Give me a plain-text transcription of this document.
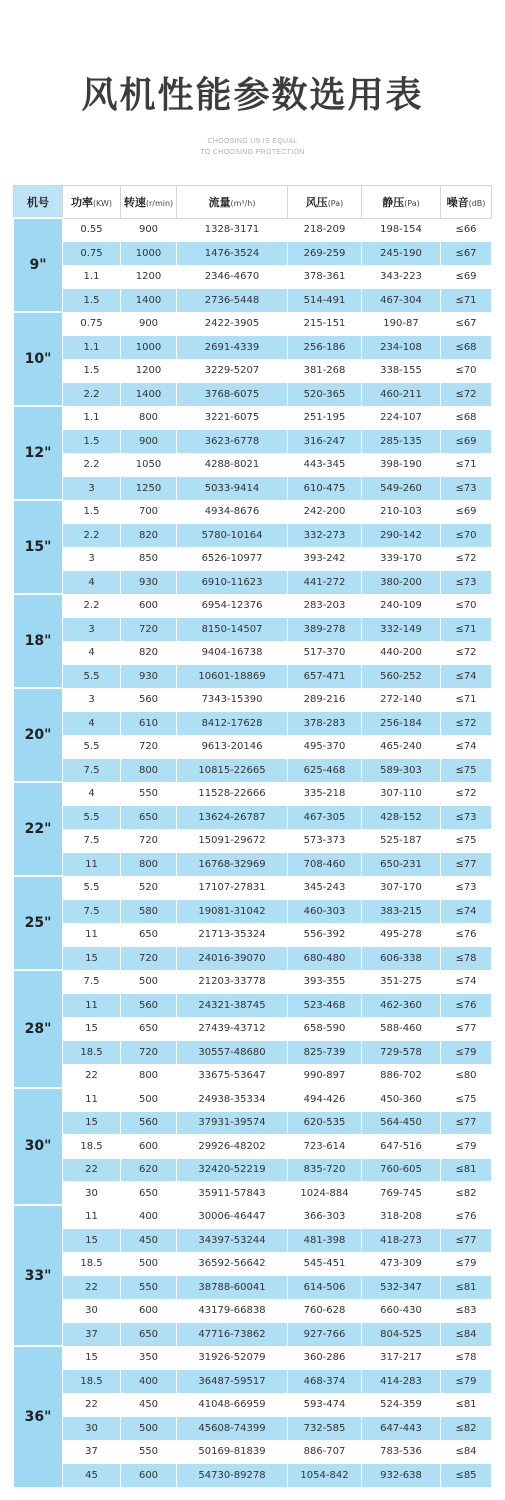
风机性能参数选用表
CHOOSING US IS EQUAL
TO CHOOSING PROTECTION
机号	功率(KW)	转速(r/min)	流量(m³/h)	风压(Pa)	静压(Pa)	噪音(dB)
9"	0.55	900	1328-3171	218-209	198-154	≤66
	0.75	1000	1476-3524	269-259	245-190	≤67
	1.1	1200	2346-4670	378-361	343-223	≤69
	1.5	1400	2736-5448	514-491	467-304	≤71
10"	0.75	900	2422-3905	215-151	190-87	≤67
	1.1	1000	2691-4339	256-186	234-108	≤68
	1.5	1200	3229-5207	381-268	338-155	≤70
	2.2	1400	3768-6075	520-365	460-211	≤72
12"	1.1	800	3221-6075	251-195	224-107	≤68
	1.5	900	3623-6778	316-247	285-135	≤69
	2.2	1050	4288-8021	443-345	398-190	≤71
	3	1250	5033-9414	610-475	549-260	≤73
15"	1.5	700	4934-8676	242-200	210-103	≤69
	2.2	820	5780-10164	332-273	290-142	≤70
	3	850	6526-10977	393-242	339-170	≤72
	4	930	6910-11623	441-272	380-200	≤73
18"	2.2	600	6954-12376	283-203	240-109	≤70
	3	720	8150-14507	389-278	332-149	≤71
	4	820	9404-16738	517-370	440-200	≤72
	5.5	930	10601-18869	657-471	560-252	≤74
20"	3	560	7343-15390	289-216	272-140	≤71
	4	610	8412-17628	378-283	256-184	≤72
	5.5	720	9613-20146	495-370	465-240	≤74
	7.5	800	10815-22665	625-468	589-303	≤75
22"	4	550	11528-22666	335-218	307-110	≤72
	5.5	650	13624-26787	467-305	428-152	≤73
	7.5	720	15091-29672	573-373	525-187	≤75
	11	800	16768-32969	708-460	650-231	≤77
25"	5.5	520	17107-27831	345-243	307-170	≤73
	7.5	580	19081-31042	460-303	383-215	≤74
	11	650	21713-35324	556-392	495-278	≤76
	15	720	24016-39070	680-480	606-338	≤78
28"	7.5	500	21203-33778	393-355	351-275	≤74
	11	560	24321-38745	523-468	462-360	≤76
	15	650	27439-43712	658-590	588-460	≤77
	18.5	720	30557-48680	825-739	729-578	≤79
	22	800	33675-53647	990-897	886-702	≤80
30"	11	500	24938-35334	494-426	450-360	≤75
	15	560	37931-39574	620-535	564-450	≤77
	18.5	600	29926-48202	723-614	647-516	≤79
	22	620	32420-52219	835-720	760-605	≤81
	30	650	35911-57843	1024-884	769-745	≤82
33"	11	400	30006-46447	366-303	318-208	≤76
	15	450	34397-53244	481-398	418-273	≤77
	18.5	500	36592-56642	545-451	473-309	≤79
	22	550	38788-60041	614-506	532-347	≤81
	30	600	43179-66838	760-628	660-430	≤83
	37	650	47716-73862	927-766	804-525	≤84
36"	15	350	31926-52079	360-286	317-217	≤78
	18.5	400	36487-59517	468-374	414-283	≤79
	22	450	41048-66959	593-474	524-359	≤81
	30	500	45608-74399	732-585	647-443	≤82
	37	550	50169-81839	886-707	783-536	≤84
	45	600	54730-89278	1054-842	932-638	≤85
